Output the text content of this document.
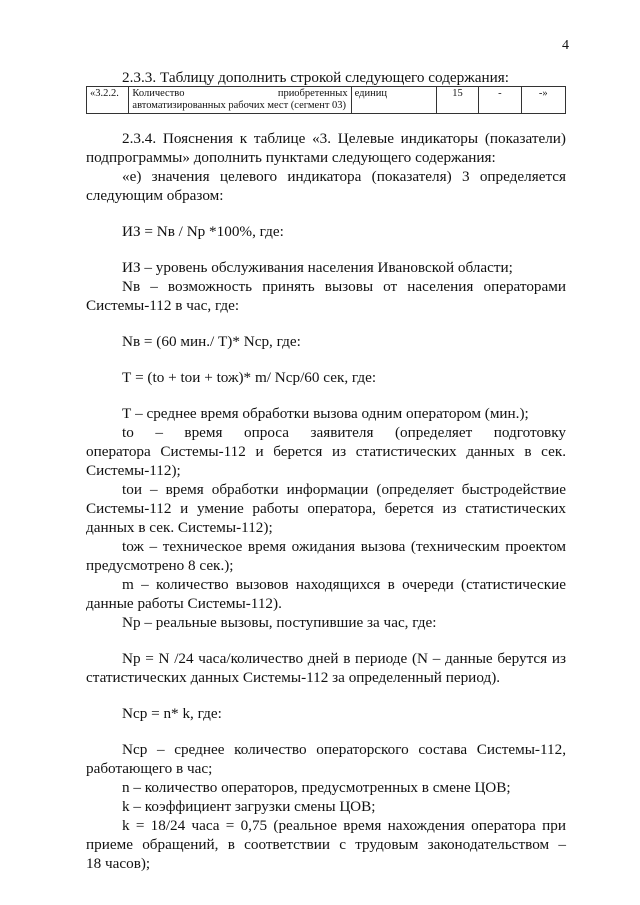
4
2.3.3. Таблицу дополнить строкой следующего содержания:
«3.2.2.	Количество приобретенных
автоматизированных рабочих мест (сегмент 03)	единиц	15	-	-»
2.3.4. Пояснения к таблице «3. Целевые индикаторы (показатели)
подпрограммы» дополнить пунктами следующего содержания:
«е) значения целевого индикатора (показателя) 3 определяется
следующим образом:
ИЗ = Nв / Nр *100%, где:
ИЗ – уровень обслуживания населения Ивановской области;
Nв – возможность принять вызовы от населения операторами
Системы-112 в час, где:
Nв = (60 мин./ Т)* Nср, где:
Т = (tо + tои + tож)* m/ Nср/60 сек, где:
Т – среднее время обработки вызова одним оператором (мин.);
tо – время опроса заявителя (определяет подготовку
оператора Системы-112 и берется из статистических данных в сек.
Системы-112);
tои – время обработки информации (определяет быстродействие
Системы-112 и умение работы оператора, берется из статистических
данных в сек. Системы-112);
tож – техническое время ожидания вызова (техническим проектом
предусмотрено 8 сек.);
m – количество вызовов находящихся в очереди (статистические
данные работы Системы-112).
Nр – реальные вызовы, поступившие за час, где:
Nр = N /24 часа/количество дней в периоде (N – данные берутся из
статистических данных Системы-112 за определенный период).
Nср = n* k, где:
Nср – среднее количество операторского состава Системы-112,
работающего в час;
n – количество операторов, предусмотренных в смене ЦОВ;
k – коэффициент загрузки смены ЦОВ;
k = 18/24 часа = 0,75 (реальное время нахождения оператора при
приеме обращений, в соответствии с трудовым законодательством –
18 часов);
